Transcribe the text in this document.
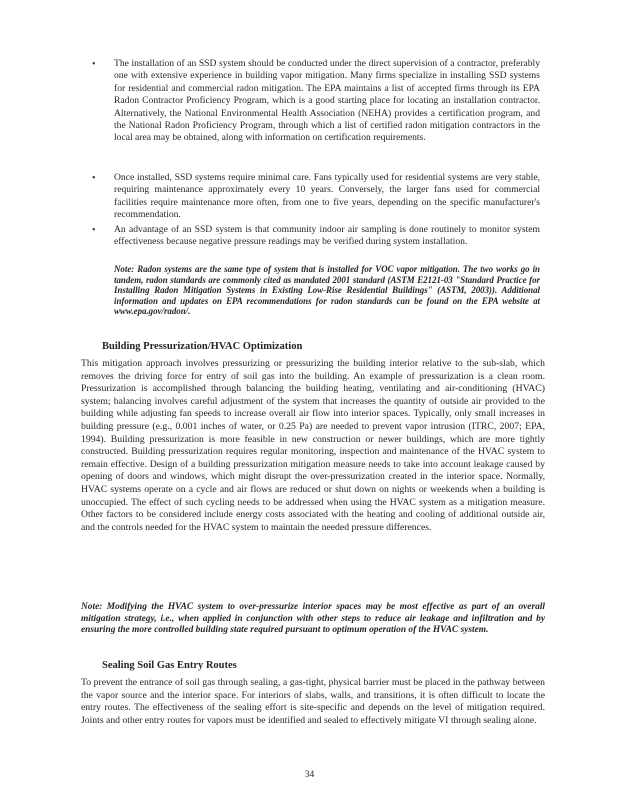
• The installation of an SSD system should be conducted under the direct supervision of a contractor, preferably one with extensive experience in building vapor mitigation. Many firms specialize in installing SSD systems for residential and commercial radon mitigation. The EPA maintains a list of accepted firms through its EPA Radon Contractor Proficiency Program, which is a good starting place for locating an installation contractor. Alternatively, the National Environmental Health Association (NEHA) provides a certification program, and the National Radon Proficiency Program, through which a list of certified radon mitigation contractors in the local area may be obtained, along with information on certification requirements.
• Once installed, SSD systems require minimal care. Fans typically used for residential systems are very stable, requiring maintenance approximately every 10 years. Conversely, the larger fans used for commercial facilities require maintenance more often, from one to five years, depending on the specific manufacturer's recommendation.
• An advantage of an SSD system is that community indoor air sampling is done routinely to monitor system effectiveness because negative pressure readings may be verified during system installation.
Note: Radon systems are the same type of system that is installed for VOC vapor mitigation. The two works go in tandem, radon standards are commonly cited as mandated 2001 standard (ASTM E2121-03 "Standard Practice for Installing Radon Mitigation Systems in Existing Low-Rise Residential Buildings" (ASTM, 2003)). Additional information and updates on EPA recommendations for radon standards can be found on the EPA website at www.epa.gov/radon/.
Building Pressurization/HVAC Optimization
This mitigation approach involves pressurizing or pressurizing the building interior relative to the sub-slab, which removes the driving force for entry of soil gas into the building. An example of pressurization is a clean room. Pressurization is accomplished through balancing the building heating, ventilating and air-conditioning (HVAC) system; balancing involves careful adjustment of the system that increases the quantity of outside air provided to the building while adjusting fan speeds to increase overall air flow into interior spaces. Typically, only small increases in building pressure (e.g., 0.001 inches of water, or 0.25 Pa) are needed to prevent vapor intrusion (ITRC, 2007; EPA, 1994). Building pressurization is more feasible in new construction or newer buildings, which are more tightly constructed. Building pressurization requires regular monitoring, inspection and maintenance of the HVAC system to remain effective. Design of a building pressurization mitigation measure needs to take into account leakage caused by opening of doors and windows, which might disrupt the over-pressurization created in the interior space. Normally, HVAC systems operate on a cycle and air flows are reduced or shut down on nights or weekends when a building is unoccupied. The effect of such cycling needs to be addressed when using the HVAC system as a mitigation measure. Other factors to be considered include energy costs associated with the heating and cooling of additional outside air, and the controls needed for the HVAC system to maintain the needed pressure differences.
Note: Modifying the HVAC system to over-pressurize interior spaces may be most effective as part of an overall mitigation strategy, i.e., when applied in conjunction with other steps to reduce air leakage and infiltration and by ensuring the more controlled building state required pursuant to optimum operation of the HVAC system.
Sealing Soil Gas Entry Routes
To prevent the entrance of soil gas through sealing, a gas-tight, physical barrier must be placed in the pathway between the vapor source and the interior space. For interiors of slabs, walls, and transitions, it is often difficult to locate the entry routes. The effectiveness of the sealing effort is site-specific and depends on the level of mitigation required. Joints and other entry routes for vapors must be identified and sealed to effectively mitigate VI through sealing alone.
34
